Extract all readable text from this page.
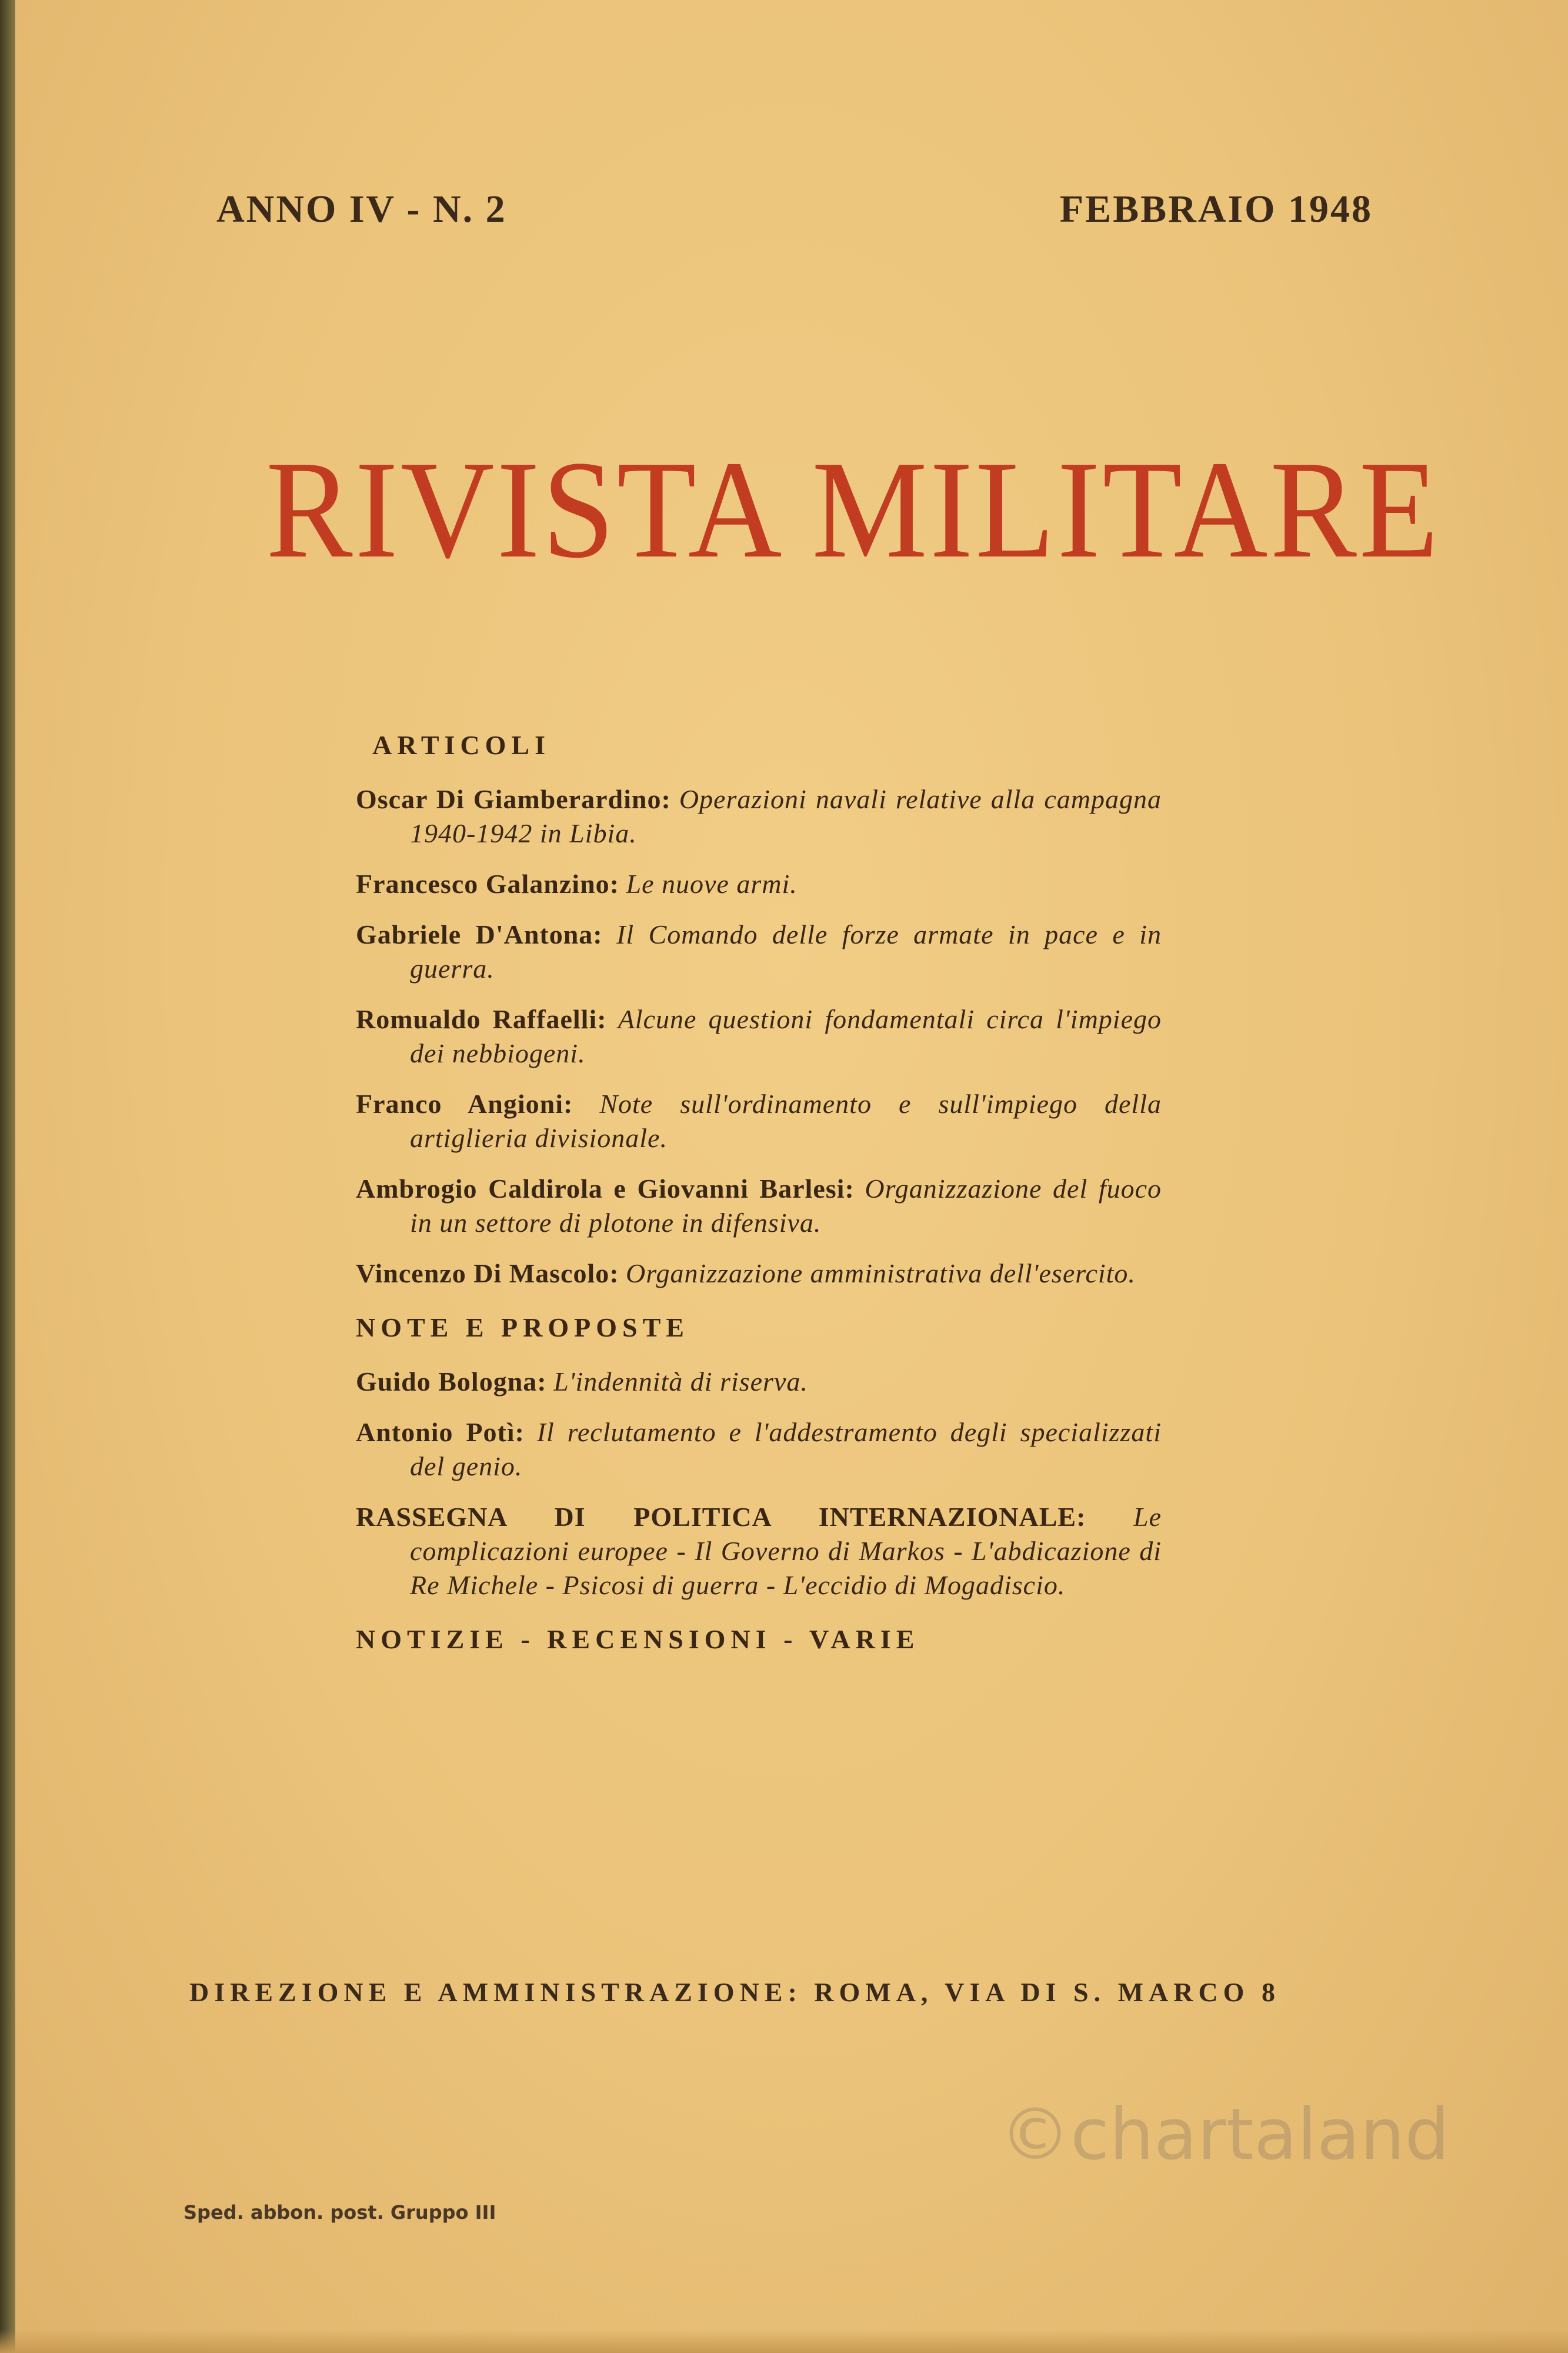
ANNO IV - N. 2	FEBBRAIO 1948
RIVISTA MILITARE
ARTICOLI
Oscar Di Giamberardino: Operazioni navali relative alla campagna 1940-1942 in Libia.
Francesco Galanzino: Le nuove armi.
Gabriele D'Antona: Il Comando delle forze armate in pace e in guerra.
Romualdo Raffaelli: Alcune questioni fondamentali circa l'impiego dei nebbiogeni.
Franco Angioni: Note sull'ordinamento e sull'impiego della artiglieria divisionale.
Ambrogio Caldirola e Giovanni Barlesi: Organizzazione del fuoco in un settore di plotone in difensiva.
Vincenzo Di Mascolo: Organizzazione amministrativa dell'esercito.
NOTE E PROPOSTE
Guido Bologna: L'indennità di riserva.
Antonio Potì: Il reclutamento e l'addestramento degli specializzati del genio.
RASSEGNA DI POLITICA INTERNAZIONALE: Le complicazioni europee - Il Governo di Markos - L'abdicazione di Re Michele - Psicosi di guerra - L'eccidio di Mogadiscio.
NOTIZIE - RECENSIONI - VARIE
DIREZIONE E AMMINISTRAZIONE: ROMA, VIA DI S. MARCO 8
Sped. abbon. post. Gruppo III
©chartaland
